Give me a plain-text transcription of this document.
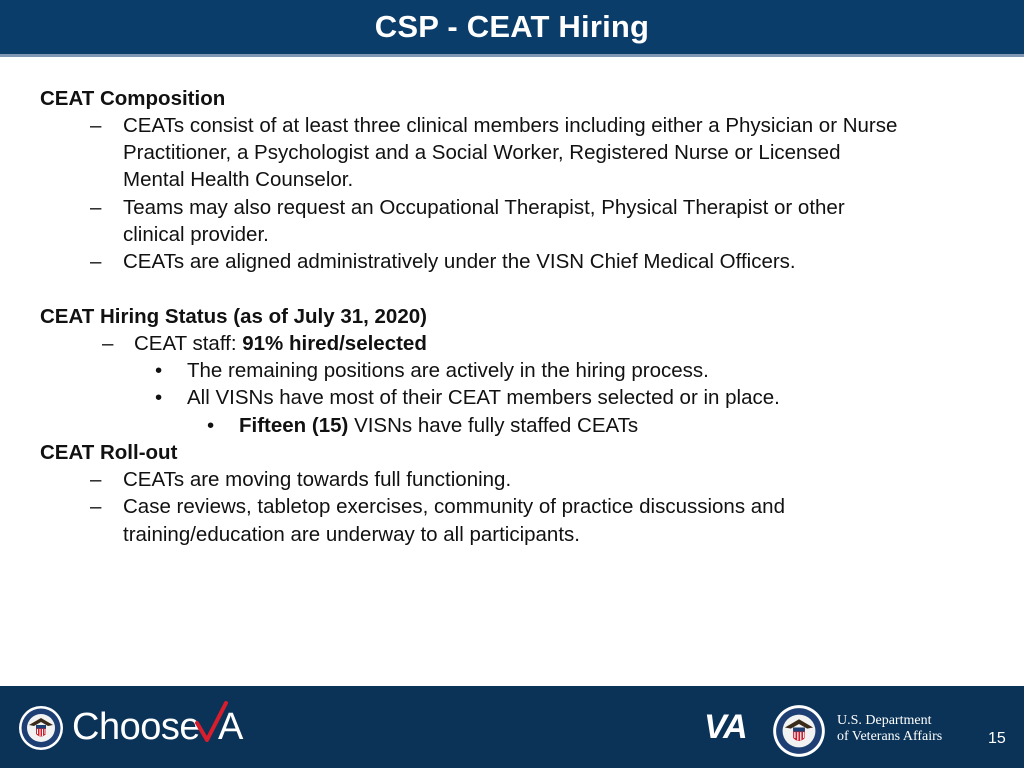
CSP - CEAT Hiring
CEAT Composition
– CEATs consist of at least three clinical members including either a Physician or Nurse
Practitioner, a Psychologist and a Social Worker, Registered Nurse or Licensed
Mental Health Counselor.
– Teams may also request an Occupational Therapist, Physical Therapist or other
clinical provider.
– CEATs are aligned administratively under the VISN Chief Medical Officers.
CEAT Hiring Status (as of July 31, 2020)
– CEAT staff: 91% hired/selected
• The remaining positions are actively in the hiring process.
• All VISNs have most of their CEAT members selected or in place.
• Fifteen (15) VISNs have fully staffed CEATs
CEAT Roll-out
– CEATs are moving towards full functioning.
– Case reviews, tabletop exercises, community of practice discussions and
training/education are underway to all participants.
Choose A	VA	U.S. Department
of Veterans Affairs	15
